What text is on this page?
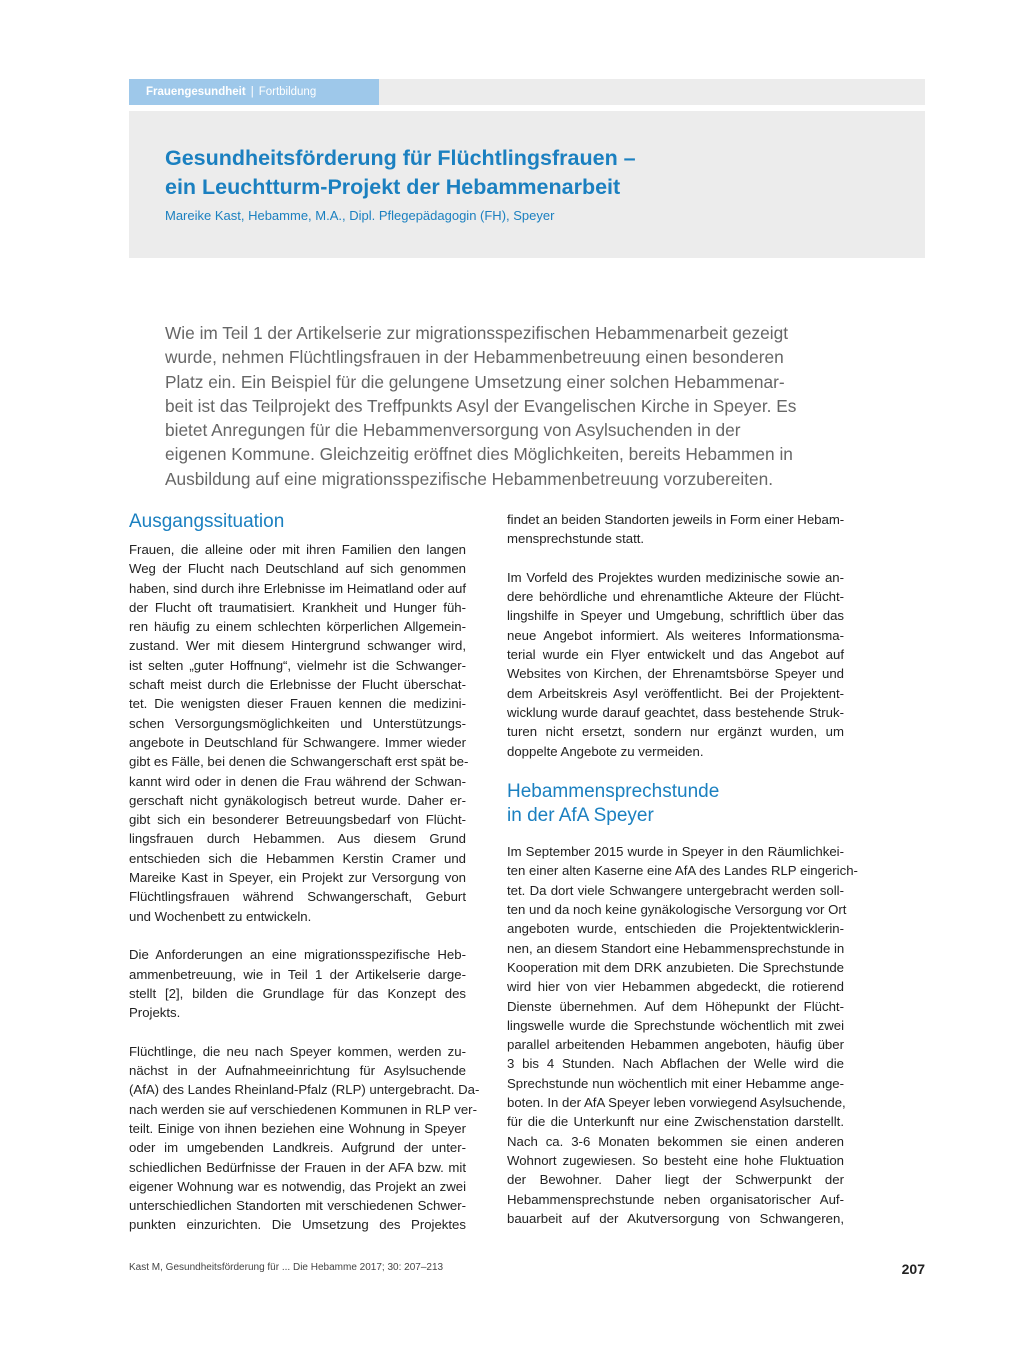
Frauengesundheit | Fortbildung
Gesundheitsförderung für Flüchtlingsfrauen –
ein Leuchtturm-Projekt der Hebammenarbeit

Mareike Kast, Hebamme, M.A., Dipl. Pflegepädagogin (FH), Speyer

Wie im Teil 1 der Artikelserie zur migrationsspezifischen Hebammenarbeit gezeigt

wurde, nehmen Flüchtlingsfrauen in der Hebammenbetreuung einen besonderen

Platz ein. Ein Beispiel für die gelungene Umsetzung einer solchen Hebammenar-

beit ist das Teilprojekt des Treffpunkts Asyl der Evangelischen Kirche in Speyer. Es

bietet Anregungen für die Hebammenversorgung von Asylsuchenden in der

eigenen Kommune. Gleichzeitig eröffnet dies Möglichkeiten, bereits Hebammen in

Ausbildung auf eine migrationsspezifische Hebammenbetreuung vorzubereiten.

Ausgangssituation

Frauen, die alleine oder mit ihren Familien den langen

Weg der Flucht nach Deutschland auf sich genommen

haben, sind durch ihre Erlebnisse im Heimatland oder auf

der Flucht oft traumatisiert. Krankheit und Hunger füh-

ren häufig zu einem schlechten körperlichen Allgemein-

zustand. Wer mit diesem Hintergrund schwanger wird,

ist selten „guter Hoffnung“, vielmehr ist die Schwanger-

schaft meist durch die Erlebnisse der Flucht überschat-

tet. Die wenigsten dieser Frauen kennen die medizini-

schen Versorgungsmöglichkeiten und Unterstützungs-

angebote in Deutschland für Schwangere. Immer wieder

gibt es Fälle, bei denen die Schwangerschaft erst spät be-

kannt wird oder in denen die Frau während der Schwan-

gerschaft nicht gynäkologisch betreut wurde. Daher er-

gibt sich ein besonderer Betreuungsbedarf von Flücht-

lingsfrauen durch Hebammen. Aus diesem Grund

entschieden sich die Hebammen Kerstin Cramer und

Mareike Kast in Speyer, ein Projekt zur Versorgung von

Flüchtlingsfrauen während Schwangerschaft, Geburt

und Wochenbett zu entwickeln.

Die Anforderungen an eine migrationsspezifische Heb-

ammenbetreuung, wie in Teil 1 der Artikelserie darge-

stellt [2], bilden die Grundlage für das Konzept des

Projekts.

Flüchtlinge, die neu nach Speyer kommen, werden zu-

nächst in der Aufnahmeeinrichtung für Asylsuchende

(AfA) des Landes Rheinland-Pfalz (RLP) untergebracht. Da-

nach werden sie auf verschiedenen Kommunen in RLP ver-

teilt. Einige von ihnen beziehen eine Wohnung in Speyer

oder im umgebenden Landkreis. Aufgrund der unter-

schiedlichen Bedürfnisse der Frauen in der AFA bzw. mit

eigener Wohnung war es notwendig, das Projekt an zwei

unterschiedlichen Standorten mit verschiedenen Schwer-

punkten einzurichten. Die Umsetzung des Projektes

findet an beiden Standorten jeweils in Form einer Hebam-

mensprechstunde statt.

Im Vorfeld des Projektes wurden medizinische sowie an-

dere behördliche und ehrenamtliche Akteure der Flücht-

lingshilfe in Speyer und Umgebung, schriftlich über das

neue Angebot informiert. Als weiteres Informationsma-

terial wurde ein Flyer entwickelt und das Angebot auf

Websites von Kirchen, der Ehrenamtsbörse Speyer und

dem Arbeitskreis Asyl veröffentlicht. Bei der Projektent-

wicklung wurde darauf geachtet, dass bestehende Struk-

turen nicht ersetzt, sondern nur ergänzt wurden, um

doppelte Angebote zu vermeiden.

Hebammensprechstunde
in der AfA Speyer

Im September 2015 wurde in Speyer in den Räumlichkei-

ten einer alten Kaserne eine AfA des Landes RLP eingerich-

tet. Da dort viele Schwangere untergebracht werden soll-

ten und da noch keine gynäkologische Versorgung vor Ort

angeboten wurde, entschieden die Projektentwicklerin-

nen, an diesem Standort eine Hebammensprechstunde in

Kooperation mit dem DRK anzubieten. Die Sprechstunde

wird hier von vier Hebammen abgedeckt, die rotierend

Dienste übernehmen. Auf dem Höhepunkt der Flücht-

lingswelle wurde die Sprechstunde wöchentlich mit zwei

parallel arbeitenden Hebammen angeboten, häufig über

3 bis 4 Stunden. Nach Abflachen der Welle wird die

Sprechstunde nun wöchentlich mit einer Hebamme ange-

boten. In der AfA Speyer leben vorwiegend Asylsuchende,

für die die Unterkunft nur eine Zwischenstation darstellt.

Nach ca. 3-6 Monaten bekommen sie einen anderen

Wohnort zugewiesen. So besteht eine hohe Fluktuation

der Bewohner. Daher liegt der Schwerpunkt der

Hebammensprechstunde neben organisatorischer Auf-

bauarbeit auf der Akutversorgung von Schwangeren,

Kast M, Gesundheitsförderung für ... Die Hebamme 2017; 30: 207–213	207
